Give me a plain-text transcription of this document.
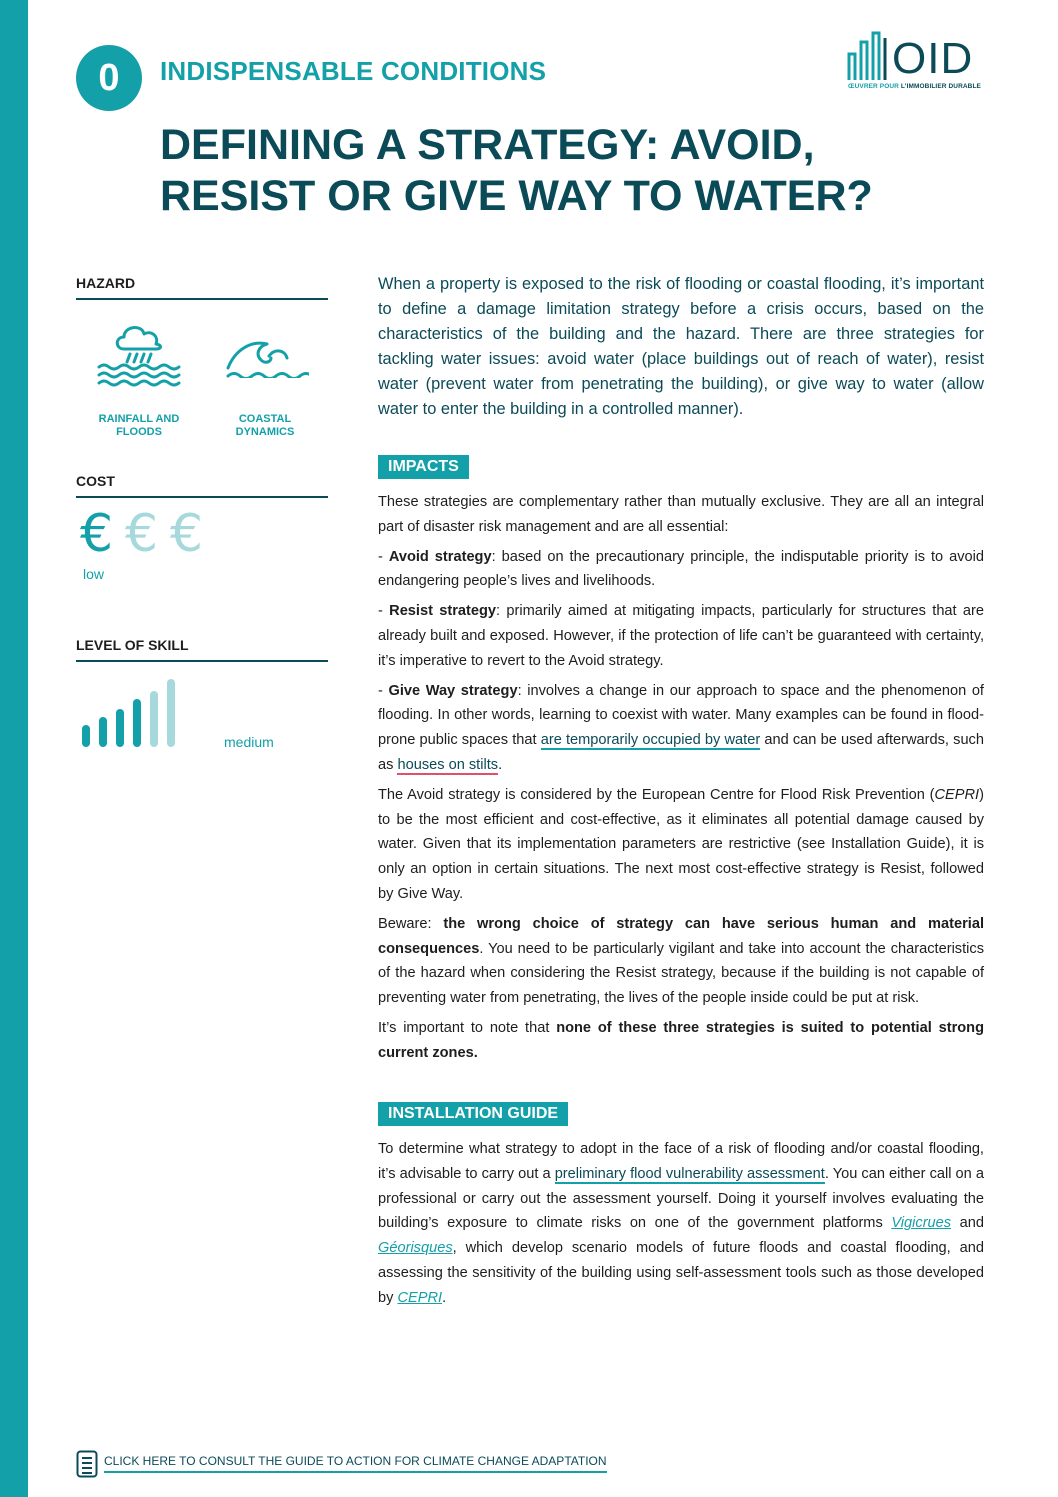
0	INDISPENSABLE CONDITIONS	OID
ŒUVRER POUR L'IMMOBILIER DURABLE
DEFINING A STRATEGY: AVOID,
RESIST OR GIVE WAY TO WATER?
HAZARD
RAINFALL AND
FLOODS
COASTAL
DYNAMICS
COST
€ € €
low
LEVEL OF SKILL
medium

When a property is exposed to the risk of flooding or coastal flooding, it’s important to define a damage limitation strategy before a crisis occurs, based on the characteristics of the building and the hazard. There are three strategies for tackling water issues: avoid water (place buildings out of reach of water), resist water (prevent water from penetrating the building), or give way to water (allow water to enter the building in a controlled manner).

IMPACTS

These strategies are complementary rather than mutually exclusive. They are all an integral part of disaster risk management and are all essential:

- Avoid strategy: based on the precautionary principle, the indisputable priority is to avoid endangering people’s lives and livelihoods.

- Resist strategy: primarily aimed at mitigating impacts, particularly for structures that are already built and exposed. However, if the protection of life can’t be guaranteed with certainty, it’s imperative to revert to the Avoid strategy.

- Give Way strategy: involves a change in our approach to space and the phenomenon of flooding. In other words, learning to coexist with water. Many examples can be found in flood-prone public spaces that are temporarily occupied by water and can be used afterwards, such as houses on stilts.

The Avoid strategy is considered by the European Centre for Flood Risk Prevention (CEPRI) to be the most efficient and cost-effective, as it eliminates all potential damage caused by water. Given that its implementation parameters are restrictive (see Installation Guide), it is only an option in certain situations. The next most cost-effective strategy is Resist, followed by Give Way.

Beware: the wrong choice of strategy can have serious human and material consequences. You need to be particularly vigilant and take into account the characteristics of the hazard when considering the Resist strategy, because if the building is not capable of preventing water from penetrating, the lives of the people inside could be put at risk.

It’s important to note that none of these three strategies is suited to potential strong current zones.

INSTALLATION GUIDE

To determine what strategy to adopt in the face of a risk of flooding and/or coastal flooding, it’s advisable to carry out a preliminary flood vulnerability assessment. You can either call on a professional or carry out the assessment yourself. Doing it yourself involves evaluating the building’s exposure to climate risks on one of the government platforms Vigicrues and Géorisques, which develop scenario models of future floods and coastal flooding, and assessing the sensitivity of the building using self-assessment tools such as those developed by CEPRI.

CLICK HERE TO CONSULT THE GUIDE TO ACTION FOR CLIMATE CHANGE ADAPTATION
